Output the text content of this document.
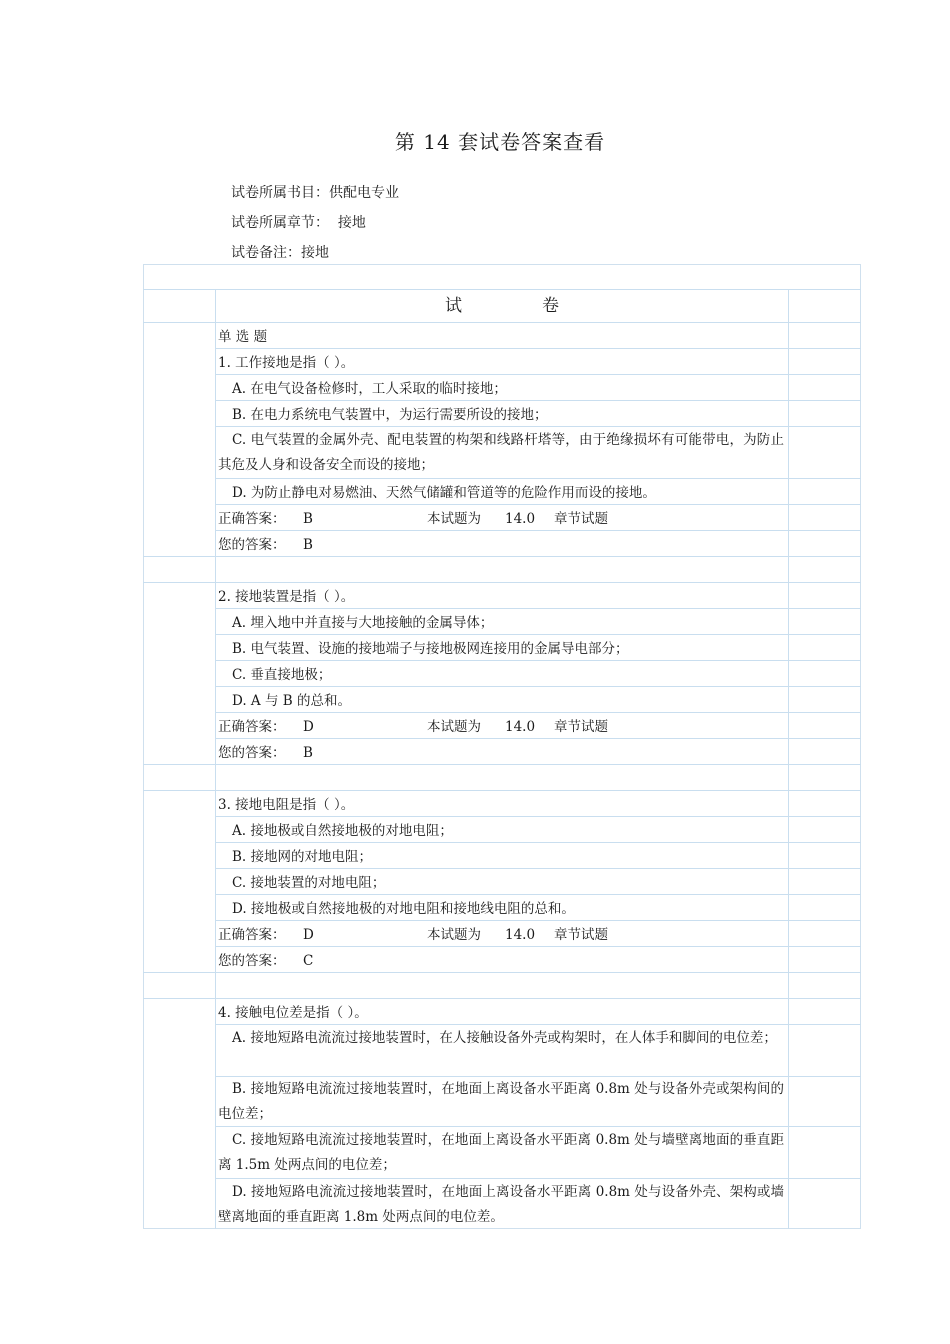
第 14 套试卷答案查看
试卷所属书目：供配电专业
试卷所属章节： 接地
试卷备注：接地
试	卷
单 选 题
1. 工作接地是指（ ）。
A. 在电气设备检修时，工人采取的临时接地；
B. 在电力系统电气装置中，为运行需要所设的接地；
C. 电气装置的金属外壳、配电装置的构架和线路杆塔等，由于绝缘损坏有可能带电，为防止其危及人身和设备安全而设的接地；
D. 为防止静电对易燃油、天然气储罐和管道等的危险作用而设的接地。
正确答案： B	本试题为 14.0 章节试题
您的答案： B
2. 接地装置是指（ ）。
A. 埋入地中并直接与大地接触的金属导体；
B. 电气装置、设施的接地端子与接地极网连接用的金属导电部分；
C. 垂直接地极；
D. A 与 B 的总和。
正确答案： D	本试题为 14.0 章节试题
您的答案： B
3. 接地电阻是指（ ）。
A. 接地极或自然接地极的对地电阻；
B. 接地网的对地电阻；
C. 接地装置的对地电阻；
D. 接地极或自然接地极的对地电阻和接地线电阻的总和。
正确答案： D	本试题为 14.0 章节试题
您的答案： C
4. 接触电位差是指（ ）。
A. 接地短路电流流过接地装置时，在人接触设备外壳或构架时，在人体手和脚间的电位差；
B. 接地短路电流流过接地装置时，在地面上离设备水平距离 0.8m 处与设备外壳或架构间的电位差；
C. 接地短路电流流过接地装置时，在地面上离设备水平距离 0.8m 处与墙壁离地面的垂直距离 1.5m 处两点间的电位差；
D. 接地短路电流流过接地装置时，在地面上离设备水平距离 0.8m 处与设备外壳、架构或墙壁离地面的垂直距离 1.8m 处两点间的电位差。
